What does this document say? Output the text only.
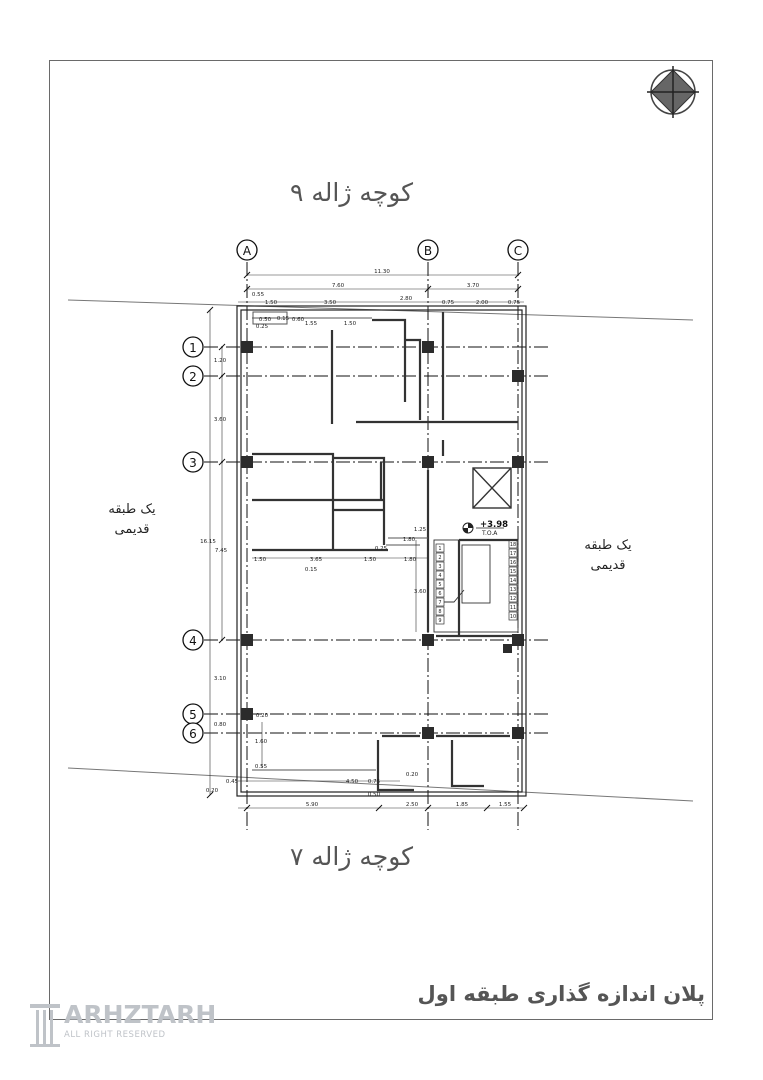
A	B	C
1
2
3
4
5
6
1
2
3
4
5
6
7
8
9
18
17
16
15
14
13
12
11
10
+3.98
T.O.A
11.30
7.60	3.70
0.55
1.50	3.50
2.80
0.75	2.00	0.75
0.50	0.60
0.15
0.25	1.55	1.50
16.15
1.20
3.60
7.45
3.10
0.80
1.50	3.65	1.50	1.80
0.15
1.25
1.80
0.25
3.60
1.60
0.55
0.20
0.20
4.50 0.75
0.45
0.50
0.20
5.90	2.50	1.85	1.55
کوچه ژاله ۹
کوچه ژاله ۷
یک طبقه
قدیمی
یک طبقه
قدیمی
پلان اندازه گذاری طبقه اول
ARHZTARH
ALL RIGHT RESERVED
